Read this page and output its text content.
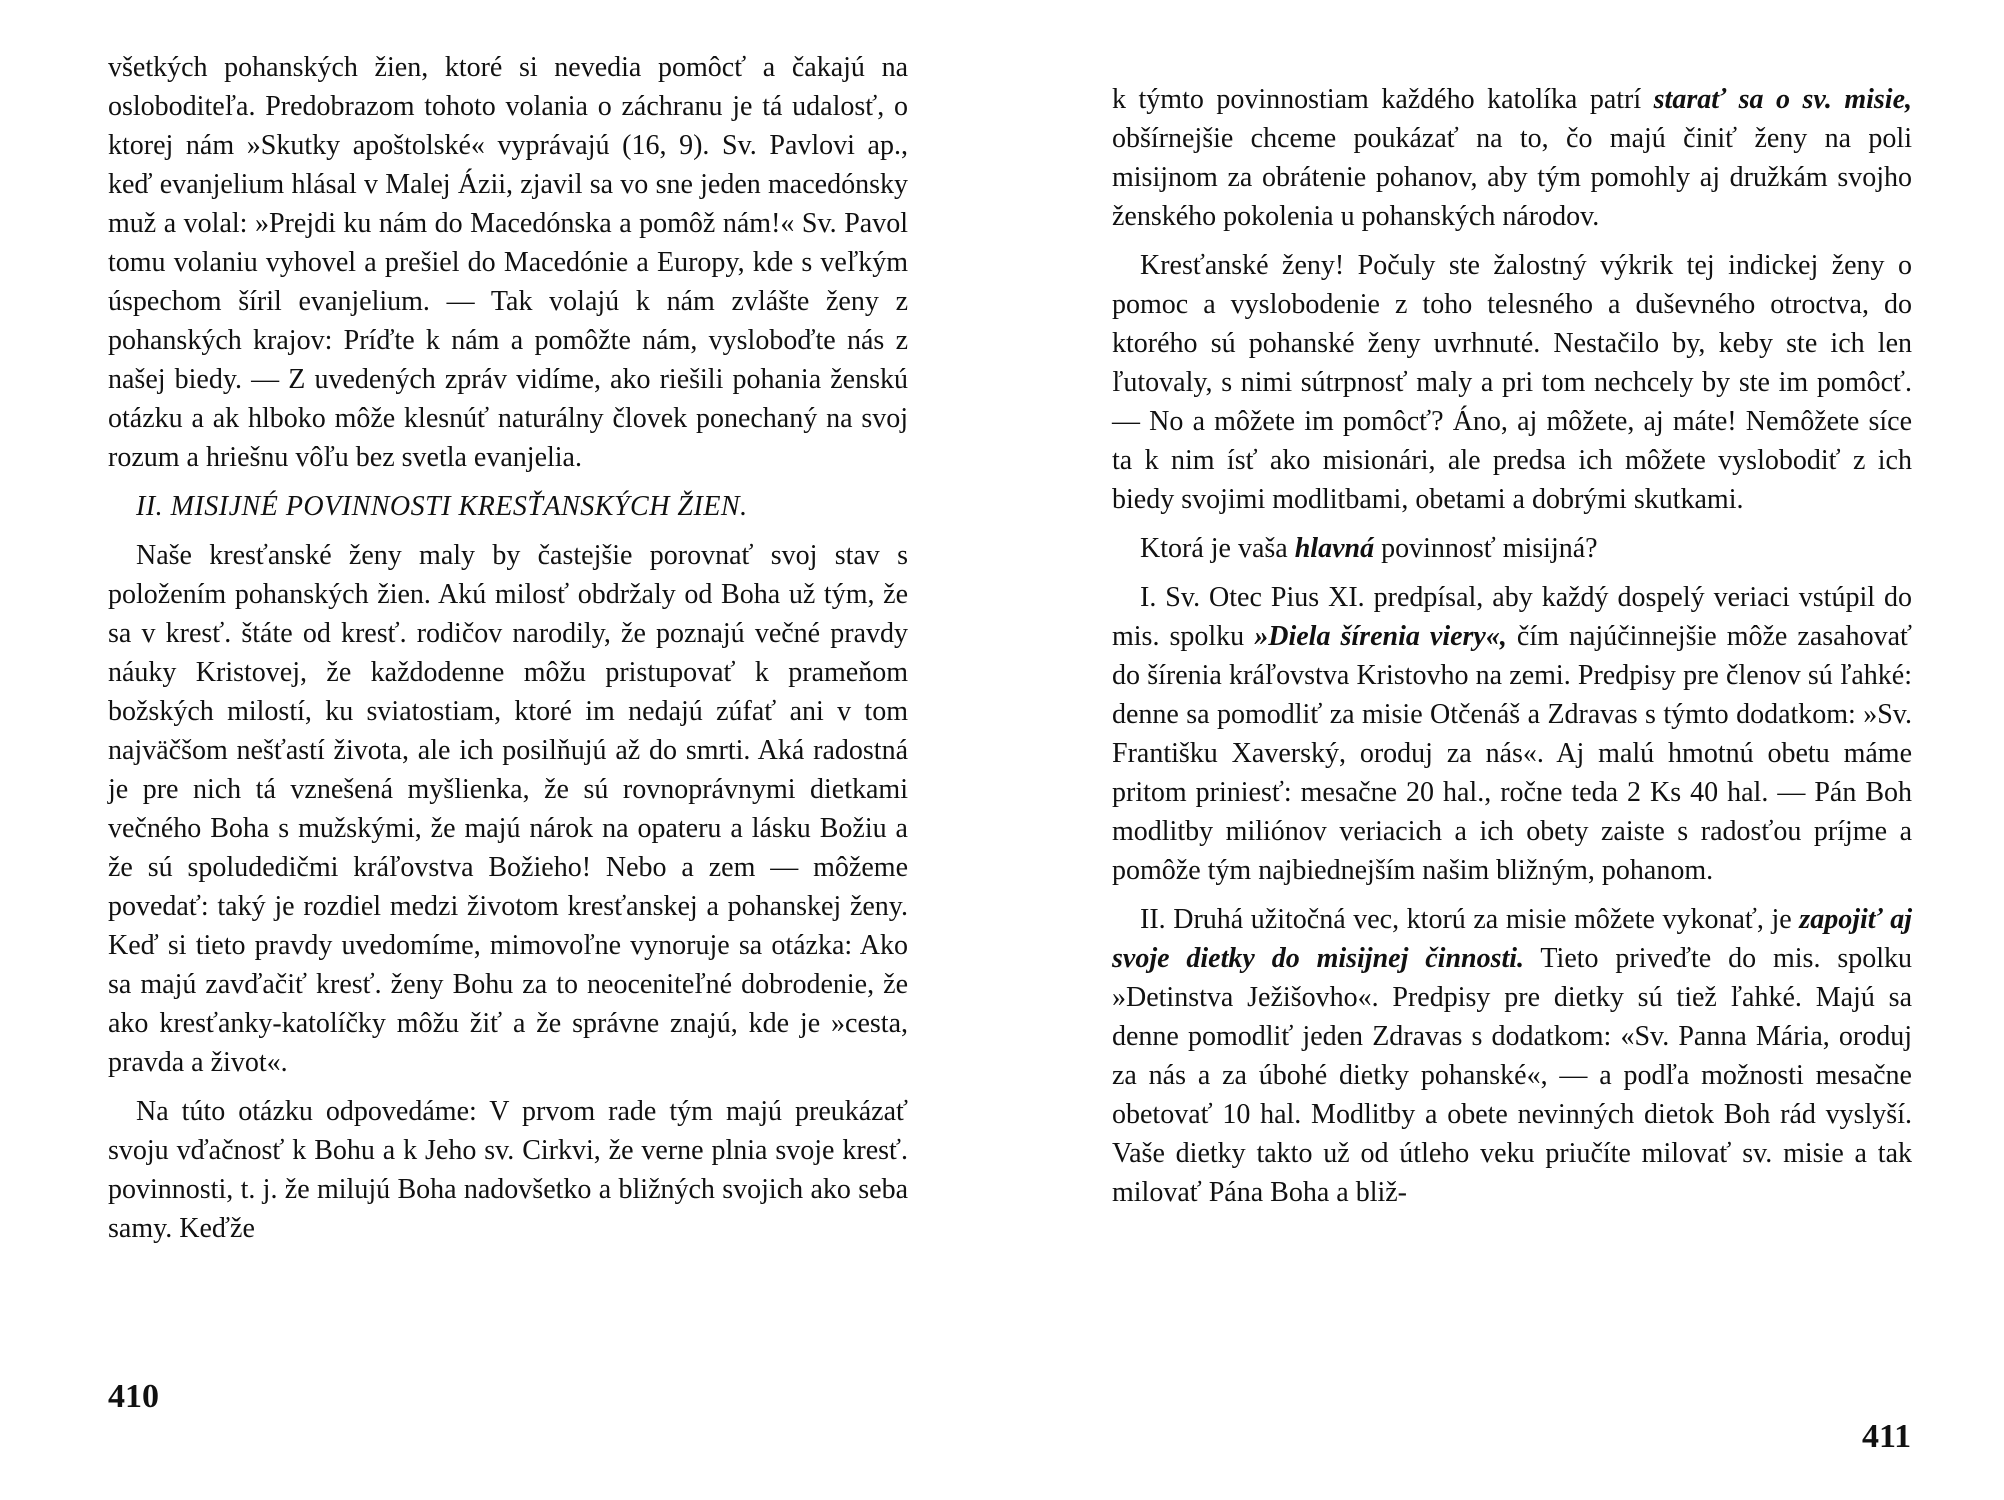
všetkých pohanských žien, ktoré si nevedia pomôcť a čakajú na osloboditeľa. Predobrazom tohoto volania o záchranu je tá udalosť, o ktorej nám »Skutky apoštolské« vyprávajú (16, 9). Sv. Pavlovi ap., keď evanjelium hlásal v Malej Ázii, zjavil sa vo sne jeden macedónsky muž a volal: »Prejdi ku nám do Macedónska a pomôž nám!« Sv. Pavol tomu volaniu vyhovel a prešiel do Macedónie a Europy, kde s veľkým úspechom šíril evanjelium. — Tak volajú k nám zvlášte ženy z pohanských krajov: Príďte k nám a pomôžte nám, vysloboďte nás z našej biedy. — Z uvedených zpráv vidíme, ako riešili pohania ženskú otázku a ak hlboko môže klesnúť naturálny človek ponechaný na svoj rozum a hriešnu vôľu bez svetla evanjelia.

II. MISIJNÉ POVINNOSTI KRESŤANSKÝCH ŽIEN.

Naše kresťanské ženy maly by častejšie porovnať svoj stav s položením pohanských žien. Akú milosť obdržaly od Boha už tým, že sa v kresť. štáte od kresť. rodičov narodily, že poznajú večné pravdy náuky Kristovej, že každodenne môžu pristupovať k prameňom božských milostí, ku sviatostiam, ktoré im nedajú zúfať ani v tom najväčšom nešťastí života, ale ich posilňujú až do smrti. Aká radostná je pre nich tá vznešená myšlienka, že sú rovnoprávnymi dietkami večného Boha s mužskými, že majú nárok na opateru a lásku Božiu a že sú spoludedičmi kráľovstva Božieho! Nebo a zem — môžeme povedať: taký je rozdiel medzi životom kresťanskej a pohanskej ženy. Keď si tieto pravdy uvedomíme, mimovoľne vynoruje sa otázka: Ako sa majú zavďačiť kresť. ženy Bohu za to neoceniteľné dobrodenie, že ako kresťanky-katolíčky môžu žiť a že správne znajú, kde je »cesta, pravda a život«.

Na túto otázku odpovedáme: V prvom rade tým majú preukázať svoju vďačnosť k Bohu a k Jeho sv. Cirkvi, že verne plnia svoje kresť. povinnosti, t. j. že milujú Boha nadovšetko a bližných svojich ako seba samy. Keďže

410

k týmto povinnostiam každého katolíka patrí starať sa o sv. misie, obšírnejšie chceme poukázať na to, čo majú činiť ženy na poli misijnom za obrátenie pohanov, aby tým pomohly aj družkám svojho ženského pokolenia u pohanských národov.

Kresťanské ženy! Počuly ste žalostný výkrik tej indickej ženy o pomoc a vyslobodenie z toho telesného a duševného otroctva, do ktorého sú pohanské ženy uvrhnuté. Nestačilo by, keby ste ich len ľutovaly, s nimi sútrpnosť maly a pri tom nechcely by ste im pomôcť. — No a môžete im pomôcť? Áno, aj môžete, aj máte! Nemôžete síce ta k nim ísť ako misionári, ale predsa ich môžete vyslobodiť z ich biedy svojimi modlitbami, obetami a dobrými skutkami.

Ktorá je vaša hlavná povinnosť misijná?

I. Sv. Otec Pius XI. predpísal, aby každý dospelý veriaci vstúpil do mis. spolku »Diela šírenia viery«, čím najúčinnejšie môže zasahovať do šírenia kráľovstva Kristovho na zemi. Predpisy pre členov sú ľahké: denne sa pomodliť za misie Otčenáš a Zdravas s týmto dodatkom: »Sv. Františku Xaverský, oroduj za nás«. Aj malú hmotnú obetu máme pritom priniesť: mesačne 20 hal., ročne teda 2 Ks 40 hal. — Pán Boh modlitby miliónov veriacich a ich obety zaiste s radosťou príjme a pomôže tým najbiednejším našim bližným, pohanom.

II. Druhá užitočná vec, ktorú za misie môžete vykonať, je zapojiť aj svoje dietky do misijnej činnosti. Tieto priveďte do mis. spolku »Detinstva Ježišovho«. Predpisy pre dietky sú tiež ľahké. Majú sa denne pomodliť jeden Zdravas s dodatkom: «Sv. Panna Mária, oroduj za nás a za úbohé dietky pohanské«, — a podľa možnosti mesačne obetovať 10 hal. Modlitby a obete nevinných dietok Boh rád vyslyší. Vaše dietky takto už od útleho veku priučíte milovať sv. misie a tak milovať Pána Boha a bliž-

411
